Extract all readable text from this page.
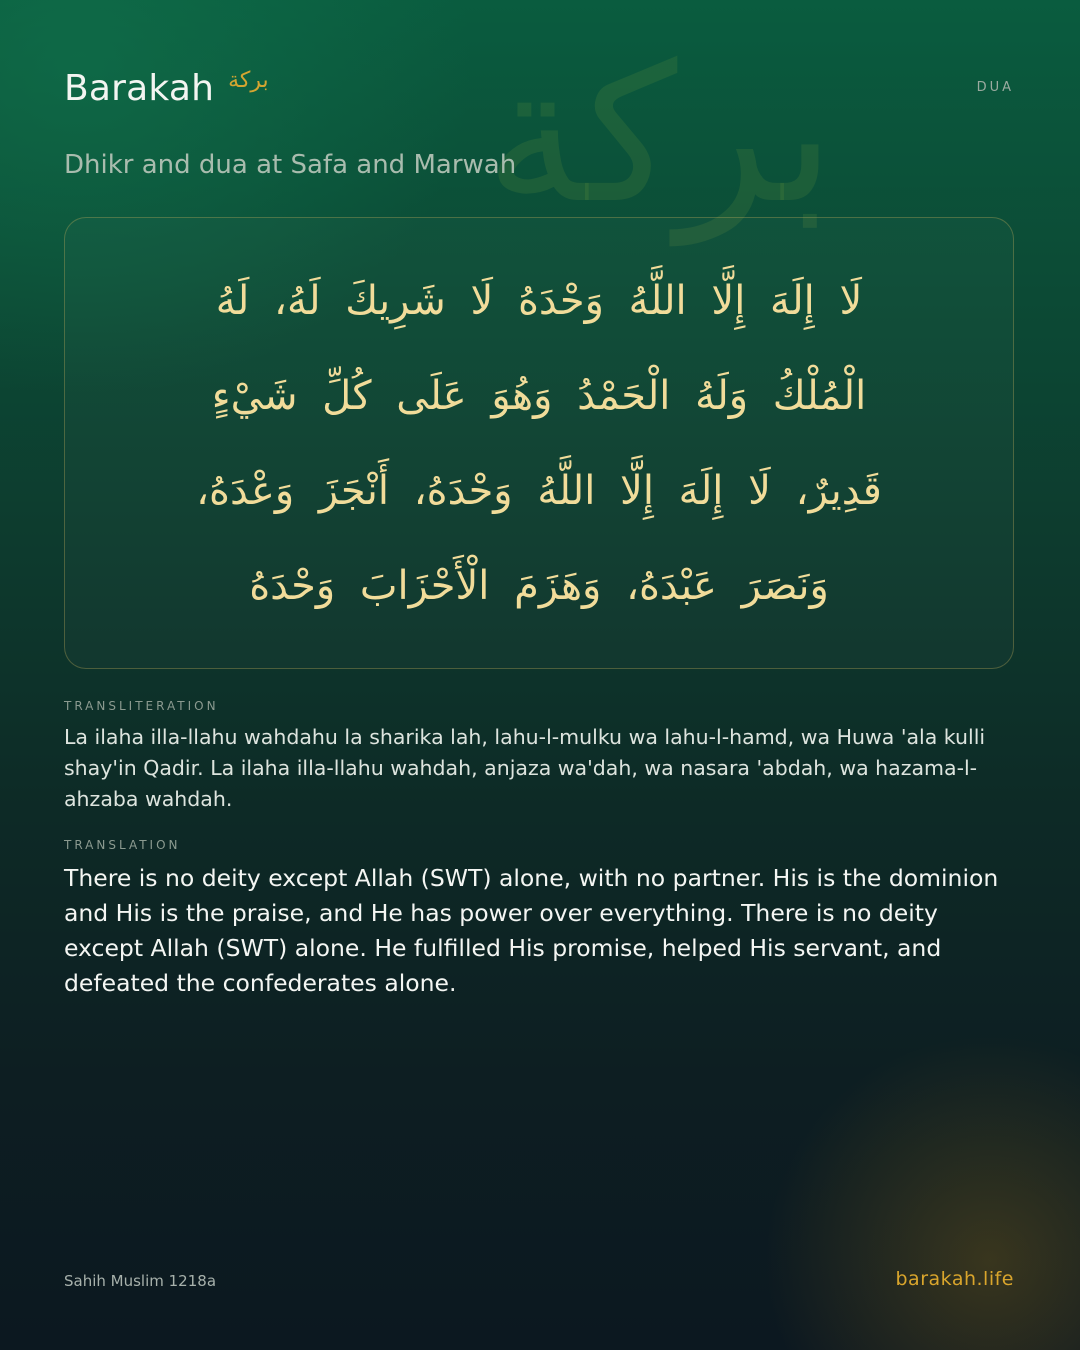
بركة
Barakah بركة	DUA
Dhikr and dua at Safa and Marwah
لَا إِلَهَ إِلَّا اللَّهُ وَحْدَهُ لَا شَرِيكَ لَهُ، لَهُ
الْمُلْكُ وَلَهُ الْحَمْدُ وَهُوَ عَلَى كُلِّ شَيْءٍ
قَدِيرٌ، لَا إِلَهَ إِلَّا اللَّهُ وَحْدَهُ، أَنْجَزَ وَعْدَهُ،
وَنَصَرَ عَبْدَهُ، وَهَزَمَ الْأَحْزَابَ وَحْدَهُ
TRANSLITERATION
La ilaha illa-llahu wahdahu la sharika lah, lahu-l-mulku wa lahu-l-hamd, wa Huwa 'ala kulli shay'in Qadir. La ilaha illa-llahu wahdah, anjaza wa'dah, wa nasara 'abdah, wa hazama-l-ahzaba wahdah.
TRANSLATION
There is no deity except Allah (SWT) alone, with no partner. His is the dominion and His is the praise, and He has power over everything. There is no deity except Allah (SWT) alone. He fulfilled His promise, helped His servant, and defeated the confederates alone.
Sahih Muslim 1218a	barakah.life
